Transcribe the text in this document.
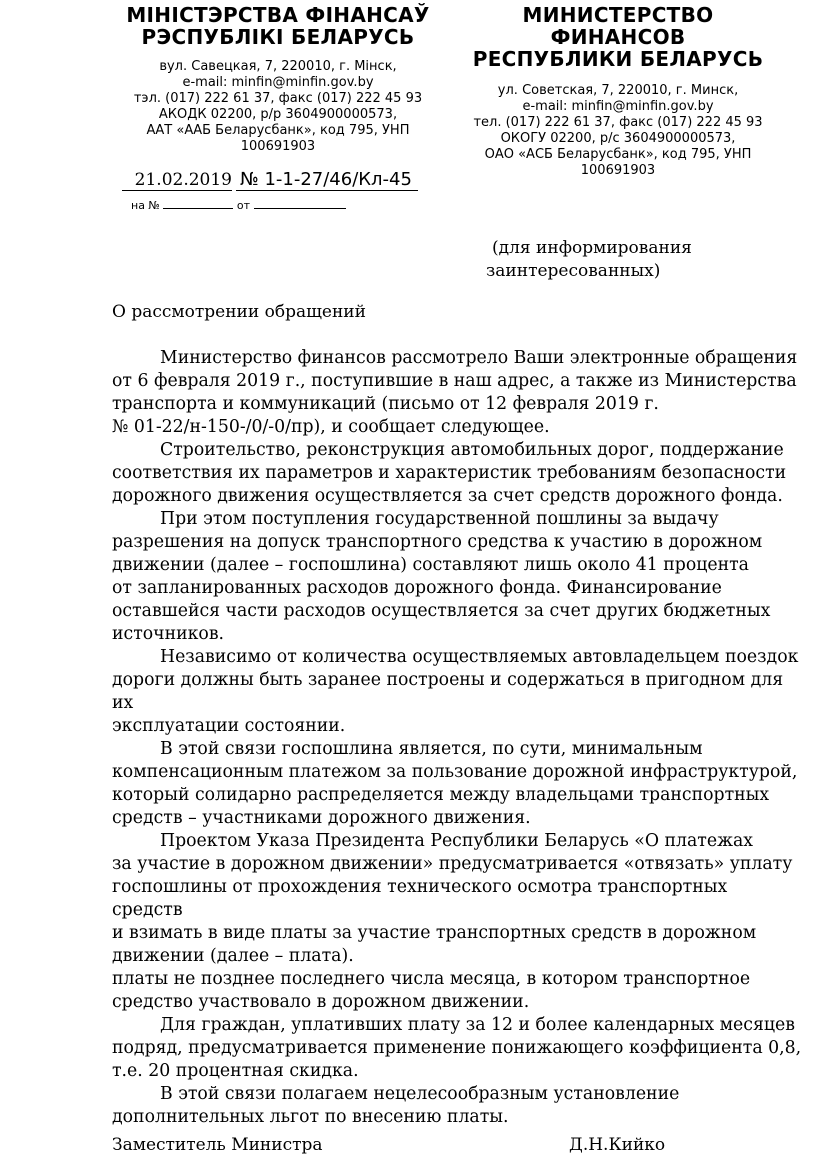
МІНІСТЭРСТВА ФІНАНСАЎ
РЭСПУБЛІКІ БЕЛАРУСЬ
вул. Савецкая, 7, 220010, г. Мінск,
e-mail: minfin@minfin.gov.by
тэл. (017) 222 61 37, факс (017) 222 45 93
АКОДК 02200, р/р 3604900000573,
ААТ «ААБ Беларусбанк», код 795, УНП
100691903
МИНИСТЕРСТВО
ФИНАНСОВ
РЕСПУБЛИКИ БЕЛАРУСЬ
ул. Советская, 7, 220010, г. Минск,
e-mail: minfin@minfin.gov.by
тел. (017) 222 61 37, факс (017) 222 45 93
ОКОГУ 02200, р/с 3604900000573,
ОАО «АСБ Беларусбанк», код 795, УНП
100691903
21.02.2019 № 1-1-27/46/Кл-45
на №	от
(для информирования
заинтересованных)
О рассмотрении обращений

Министерство финансов рассмотрело Ваши электронные обращения
от 6 февраля 2019 г., поступившие в наш адрес, а также из Министерства
транспорта и коммуникаций (письмо от 12 февраля 2019 г.
№ 01-22/н-150-/0/-0/пр), и сообщает следующее.

Строительство, реконструкция автомобильных дорог, поддержание
соответствия их параметров и характеристик требованиям безопасности
дорожного движения осуществляется за счет средств дорожного фонда.

При этом поступления государственной пошлины за выдачу
разрешения на допуск транспортного средства к участию в дорожном
движении (далее – госпошлина) составляют лишь около 41 процента
от запланированных расходов дорожного фонда. Финансирование
оставшейся части расходов осуществляется за счет других бюджетных
источников.

Независимо от количества осуществляемых автовладельцем поездок
дороги должны быть заранее построены и содержаться в пригодном для их
эксплуатации состоянии.

В этой связи госпошлина является, по сути, минимальным
компенсационным платежом за пользование дорожной инфраструктурой,
который солидарно распределяется между владельцами транспортных
средств – участниками дорожного движения.

Проектом Указа Президента Республики Беларусь «О платежах
за участие в дорожном движении» предусматривается «отвязать» уплату
госпошлины от прохождения технического осмотра транспортных средств
и взимать в виде платы за участие транспортных средств в дорожном
движении (далее – плата).

платы не позднее последнего числа месяца, в котором транспортное
средство участвовало в дорожном движении.

Для граждан, уплативших плату за 12 и более календарных месяцев
подряд, предусматривается применение понижающего коэффициента 0,8,
т.е. 20 процентная скидка.

В этой связи полагаем нецелесообразным установление
дополнительных льгот по внесению платы.

Заместитель Министра	Д.Н.Кийко
